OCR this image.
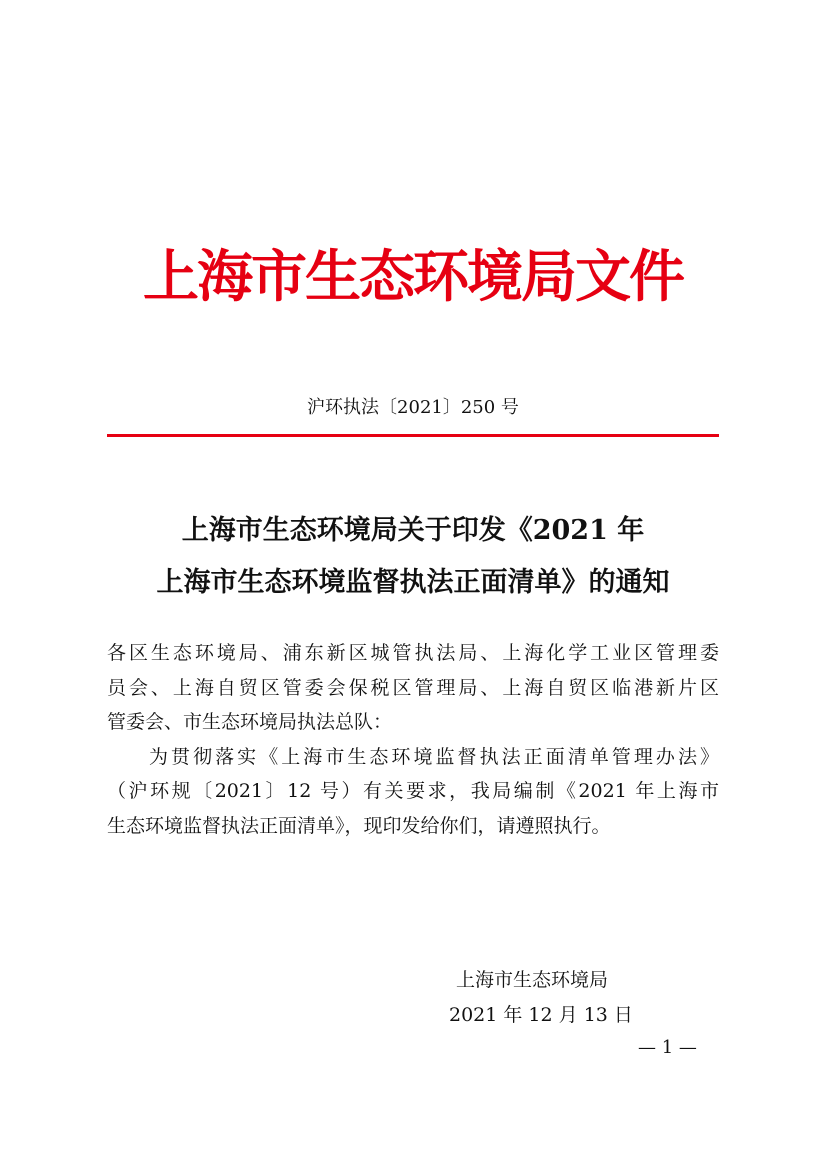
上海市生态环境局文件
沪环执法〔2021〕250 号
上海市生态环境局关于印发《2021 年
上海市生态环境监督执法正面清单》的通知
各区生态环境局、浦东新区城管执法局、上海化学工业区管理委
员会、上海自贸区管委会保税区管理局、上海自贸区临港新片区
管委会、市生态环境局执法总队：
为贯彻落实《上海市生态环境监督执法正面清单管理办法》
（沪环规〔2021〕12 号）有关要求，我局编制《2021 年上海市
生态环境监督执法正面清单》，现印发给你们，请遵照执行。
上海市生态环境局
2021 年 12 月 13 日
— 1 —
